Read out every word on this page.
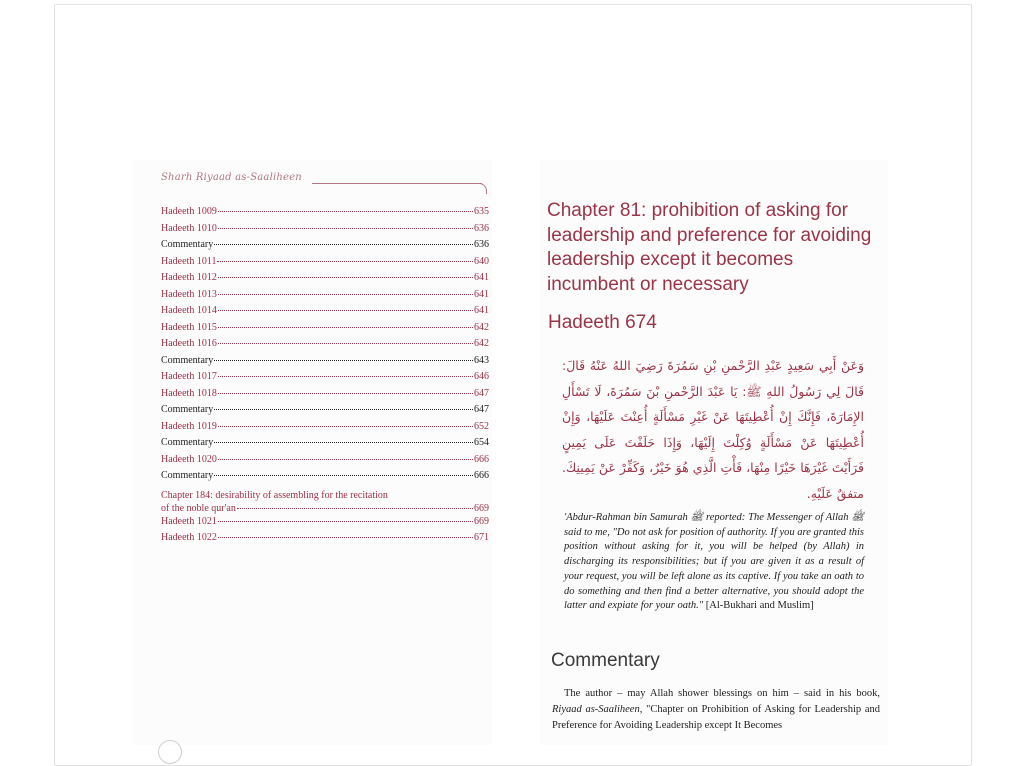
Sharh Riyaad as-Saaliheen
Hadeeth 1009	635
Hadeeth 1010	636
Commentary	636
Hadeeth 1011	640
Hadeeth 1012	641
Hadeeth 1013	641
Hadeeth 1014	641
Hadeeth 1015	642
Hadeeth 1016	642
Commentary	643
Hadeeth 1017	646
Hadeeth 1018	647
Commentary	647
Hadeeth 1019	652
Commentary	654
Hadeeth 1020	666
Commentary	666
Chapter 184: desirability of assembling for the recitation
of the noble qur'an	669
Hadeeth 1021	669
Hadeeth 1022	671
Chapter 81: prohibition of asking for leadership and preference for avoiding leadership except it becomes incumbent or necessary
Hadeeth 674
وَعَنْ أَبِي سَعِيدٍ عَبْدِ الرَّحْمنِ بْنِ سَمُرَةَ رَضِيَ اللهُ عَنْهُ قَالَ: قَالَ لِي رَسُولُ اللهِ ﷺ: يَا عَبْدَ الرَّحْمنِ بْنَ سَمُرَةَ، لَا تَسْأَلِ الإِمَارَةَ، فَإِنَّكَ إِنْ أُعْطِيتَهَا عَنْ غَيْرِ مَسْأَلَةٍ أُعِنْتَ عَلَيْهَا، وَإِنْ أُعْطِيتَهَا عَنْ مَسْأَلَةٍ وُكِلْتَ إِلَيْهَا، وَإِذَا حَلَفْتَ عَلَى يَمِينٍ فَرَأَيْتَ غَيْرَهَا خَيْرًا مِنْهَا، فَأْتِ الَّذِي هُوَ خَيْرٌ، وَكَفِّرْ عَنْ يَمِينِكَ. متفقٌ عَلَيْهِ.
'Abdur-Rahman bin Samurah ﷺ reported: The Messenger of Allah ﷺ said to me, "Do not ask for position of authority. If you are granted this position without asking for it, you will be helped (by Allah) in discharging its responsibilities; but if you are given it as a result of your request, you will be left alone as its captive. If you take an oath to do something and then find a better alternative, you should adopt the latter and expiate for your oath." [Al-Bukhari and Muslim]
Commentary
The author – may Allah shower blessings on him – said in his book, Riyaad as-Saaliheen, "Chapter on Prohibition of Asking for Leadership and Preference for Avoiding Leadership except It Becomes
